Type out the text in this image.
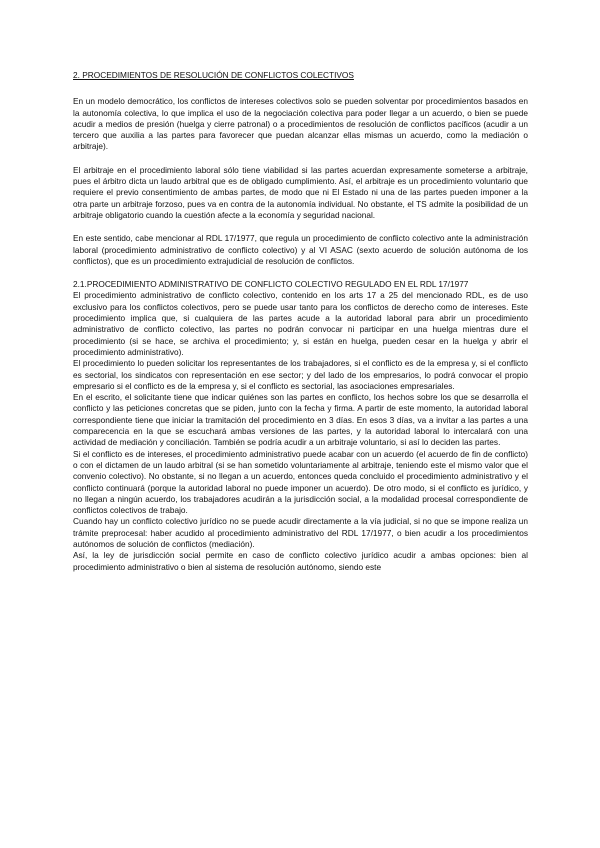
2. PROCEDIMIENTOS DE RESOLUCIÓN DE CONFLICTOS COLECTIVOS

En un modelo democrático, los conflictos de intereses colectivos solo se pueden solventar por procedimientos basados en la autonomía colectiva, lo que implica el uso de la negociación colectiva para poder llegar a un acuerdo, o bien se puede acudir a medios de presión (huelga y cierre patronal) o a procedimientos de resolución de conflictos pacíficos (acudir a un tercero que auxilia a las partes para favorecer que puedan alcanzar ellas mismas un acuerdo, como la mediación o arbitraje).

El arbitraje en el procedimiento laboral sólo tiene viabilidad si las partes acuerdan expresamente someterse a arbitraje, pues el árbitro dicta un laudo arbitral que es de obligado cumplimiento. Así, el arbitraje es un procedimiento voluntario que requiere el previo consentimiento de ambas partes, de modo que ni El Estado ni una de las partes pueden imponer a la otra parte un arbitraje forzoso, pues va en contra de la autonomía individual. No obstante, el TS admite la posibilidad de un arbitraje obligatorio cuando la cuestión afecte a la economía y seguridad nacional.

En este sentido, cabe mencionar al RDL 17/1977, que regula un procedimiento de conflicto colectivo ante la administración laboral (procedimiento administrativo de conflicto colectivo) y al VI ASAC (sexto acuerdo de solución autónoma de los conflictos), que es un procedimiento extrajudicial de resolución de conflictos.

2.1.PROCEDIMIENTO ADMINISTRATIVO DE CONFLICTO COLECTIVO REGULADO EN EL RDL 17/1977

El procedimiento administrativo de conflicto colectivo, contenido en los arts 17 a 25 del mencionado RDL, es de uso exclusivo para los conflictos colectivos, pero se puede usar tanto para los conflictos de derecho como de intereses. Este procedimiento implica que, si cualquiera de las partes acude a la autoridad laboral para abrir un procedimiento administrativo de conflicto colectivo, las partes no podrán convocar ni participar en una huelga mientras dure el procedimiento (si se hace, se archiva el procedimiento; y, si están en huelga, pueden cesar en la huelga y abrir el procedimiento administrativo).

El procedimiento lo pueden solicitar los representantes de los trabajadores, si el conflicto es de la empresa y, si el conflicto es sectorial, los sindicatos con representación en ese sector; y del lado de los empresarios, lo podrá convocar el propio empresario si el conflicto es de la empresa y, si el conflicto es sectorial, las asociaciones empresariales.

En el escrito, el solicitante tiene que indicar quiénes son las partes en conflicto, los hechos sobre los que se desarrolla el conflicto y las peticiones concretas que se piden, junto con la fecha y firma. A partir de este momento, la autoridad laboral correspondiente tiene que iniciar la tramitación del procedimiento en 3 días. En esos 3 días, va a invitar a las partes a una comparecencia en la que se escuchará ambas versiones de las partes, y la autoridad laboral lo intercalará con una actividad de mediación y conciliación. También se podría acudir a un arbitraje voluntario, si así lo deciden las partes.

Si el conflicto es de intereses, el procedimiento administrativo puede acabar con un acuerdo (el acuerdo de fin de conflicto) o con el dictamen de un laudo arbitral (si se han sometido voluntariamente al arbitraje, teniendo este el mismo valor que el convenio colectivo). No obstante, si no llegan a un acuerdo, entonces queda concluido el procedimiento administrativo y el conflicto continuará (porque la autoridad laboral no puede imponer un acuerdo). De otro modo, si el conflicto es jurídico, y no llegan a ningún acuerdo, los trabajadores acudirán a la jurisdicción social, a la modalidad procesal correspondiente de conflictos colectivos de trabajo.

Cuando hay un conflicto colectivo jurídico no se puede acudir directamente a la vía judicial, si no que se impone realiza un trámite preprocesal: haber acudido al procedimiento administrativo del RDL 17/1977, o bien acudir a los procedimientos autónomos de solución de conflictos (mediación).

Así, la ley de jurisdicción social permite en caso de conflicto colectivo jurídico acudir a ambas opciones: bien al procedimiento administrativo o bien al sistema de resolución autónomo, siendo este
